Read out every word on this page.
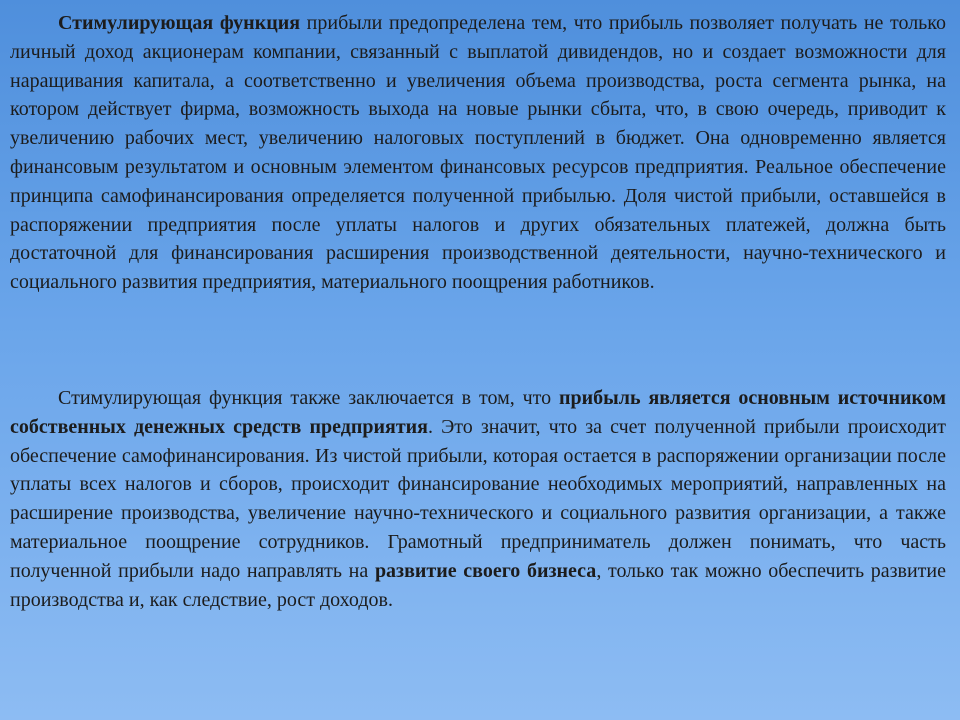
Стимулирующая функция прибыли предопределена тем, что прибыль позволяет получать не только личный доход акционерам компании, связанный с выплатой дивидендов, но и создает возможности для наращивания капитала, а соответственно и увеличения объема производства, роста сегмента рынка, на котором действует фирма, возможность выхода на новые рынки сбыта, что, в свою очередь, приводит к увеличению рабочих мест, увеличению налоговых поступлений в бюджет. Она одновременно является финансовым результатом и основным элементом финансовых ресурсов предприятия. Реальное обеспечение принципа самофинансирования определяется полученной прибылью. Доля чистой прибыли, оставшейся в распоряжении предприятия после уплаты налогов и других обязательных платежей, должна быть достаточной для финансирования расширения производственной деятельности, научно-технического и социального развития предприятия, материального поощрения работников.

Стимулирующая функция также заключается в том, что прибыль является основным источником собственных денежных средств предприятия. Это значит, что за счет полученной прибыли происходит обеспечение самофинансирования. Из чистой прибыли, которая остается в распоряжении организации после уплаты всех налогов и сборов, происходит финансирование необходимых мероприятий, направленных на расширение производства, увеличение научно-технического и социального развития организации, а также материальное поощрение сотрудников. Грамотный предприниматель должен понимать, что часть полученной прибыли надо направлять на развитие своего бизнеса, только так можно обеспечить развитие производства и, как следствие, рост доходов.
